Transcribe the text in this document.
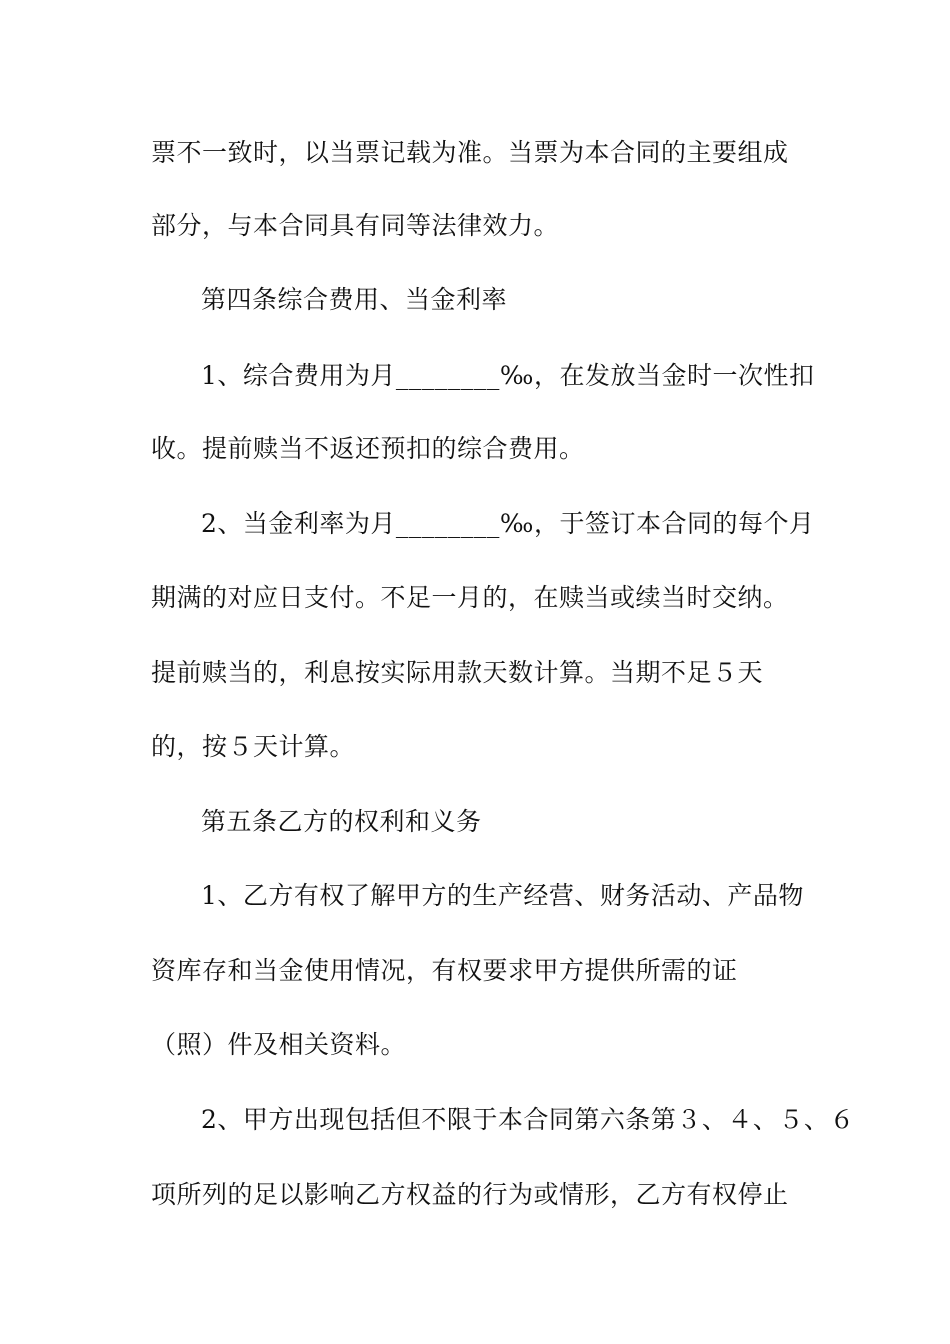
票不一致时，以当票记载为准。当票为本合同的主要组成
部分，与本合同具有同等法律效力。
第四条综合费用、当金利率
1、综合费用为月________‰，在发放当金时一次性扣
收。提前赎当不返还预扣的综合费用。
2、当金利率为月________‰，于签订本合同的每个月
期满的对应日支付。不足一月的，在赎当或续当时交纳。
提前赎当的，利息按实际用款天数计算。当期不足５天
的，按５天计算。
第五条乙方的权利和义务
1、乙方有权了解甲方的生产经营、财务活动、产品物
资库存和当金使用情况，有权要求甲方提供所需的证
（照）件及相关资料。
2、甲方出现包括但不限于本合同第六条第３、４、５、６
项所列的足以影响乙方权益的行为或情形，乙方有权停止
